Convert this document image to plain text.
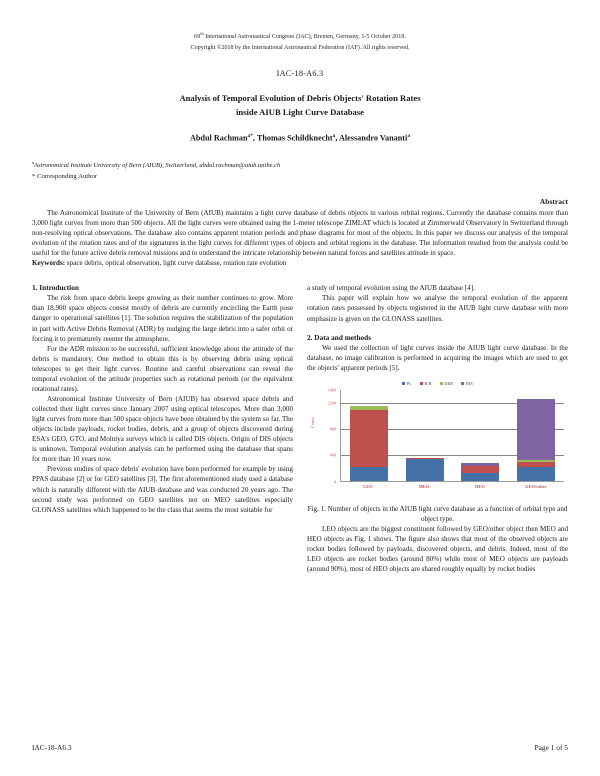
69th International Astronautical Congress (IAC), Bremen, Germany, 1-5 October 2018.
Copyright ©2018 by the International Astronautical Federation (IAF). All rights reserved.
IAC-18-A6.3
Analysis of Temporal Evolution of Debris Objects' Rotation Rates
inside AIUB Light Curve Database
Abdul Rachman$^{a*}$, Thomas Schildknecht$^a$, Alessandro Vananti$^a$

$^a$Astronomical Institute University of Bern (AIUB), Switzerland, abdul.rachman@aiub.unibe.ch

* Corresponding Author

Abstract

The Astronomical Institute of the University of Bern (AIUB) maintains a light curve database of debris objects in various orbital regions. Currently the database contains more than 3,000 light curves from more than 500 objects. All the light curves were obtained using the 1-meter telescope ZIMLAT which is located at Zimmerwald Observatory in Switzerland through non-resolving optical observations. The database also contains apparent rotation periods and phase diagrams for most of the objects. In this paper we discuss our analysis of the temporal evolution of the rotation rates and of the signatures in the light curves for different types of objects and orbital regions in the database. The information resulted from the analysis could be useful for the future active debris removal missions and to understand the intricate relationship between natural forces and satellites attitude in space.

Keywords: space debris, optical observation, light curve database, rotation rate evolution

1. Introduction

The risk from space debris keeps growing as their number continues to grow. More than 18,900 space objects consist mostly of debris are currently encircling the Earth pose danger to operational satellites [1]. The solution requires the stabilization of the population in part with Active Debris Removal (ADR) by nudging the large debris into a safer orbit or forcing it to prematurely reenter the atmosphere.

For the ADR mission to be successful, sufficient knowledge about the attitude of the debris is mandatory. One method to obtain this is by observing debris using optical telescopes to get their light curves. Routine and careful observations can reveal the temporal evolution of the attitude properties such as rotational periods (or the equivalent rotational rates).

Astronomical Institute University of Bern (AIUB) has observed space debris and collected their light curves since January 2007 using optical telescopes. More than 3,000 light curves from more than 500 space objects have been obtained by the system so far. The objects include payloads, rocket bodies, debris, and a group of objects discovered during ESA's GEO, GTO, and Molniya surveys which is called DIS objects. Origin of DIS objects is unknown. Temporal evolution analysis can be performed using the database that spans for more than 10 years now.

Previous studies of space debris' evolution have been performed for example by using PPAS database [2] or for GEO satellites [3]. The first aforementioned study used a database which is naturally different with the AIUB database and was conducted 20 years ago. The second study was performed on GEO satellites not on MEO satellites especially GLONASS satellites which happened to be the class that seems the most suitable for

a study of temporal evolution using the AIUB database [4].

This paper will explain how we analyse the temporal evolution of the apparent rotation rates possessed by objects registered in the AIUB light curve database with more emphasize is given on the GLONASS satellites.

2. Data and methods

We used the collection of light curves inside the AIUB light curve database. In the database, no image calibration is performed in acquiring the images which are used to get the objects' apparent periods [5].

PL	R/B	DEB	DIS
Count
0
400
800
1200
1400
LEO	MEO	HEO	GEO/other

Fig. 1. Number of objects in the AIUB light curve database as a function of orbital type and object type.

LEO objects are the biggest constituent followed by GEO/other object then MEO and HEO objects as Fig. 1 shows. The figure also shows that most of the observed objects are rocket bodies followed by payloads, discovered objects, and debris. Indeed, most of the LEO objects are rocket bodies (around 80%) while most of MEO objects are payloads (around 90%), most of HEO objects are shared roughly equally by rocket bodies

IAC-18-A6.3	Page 1 of 5
